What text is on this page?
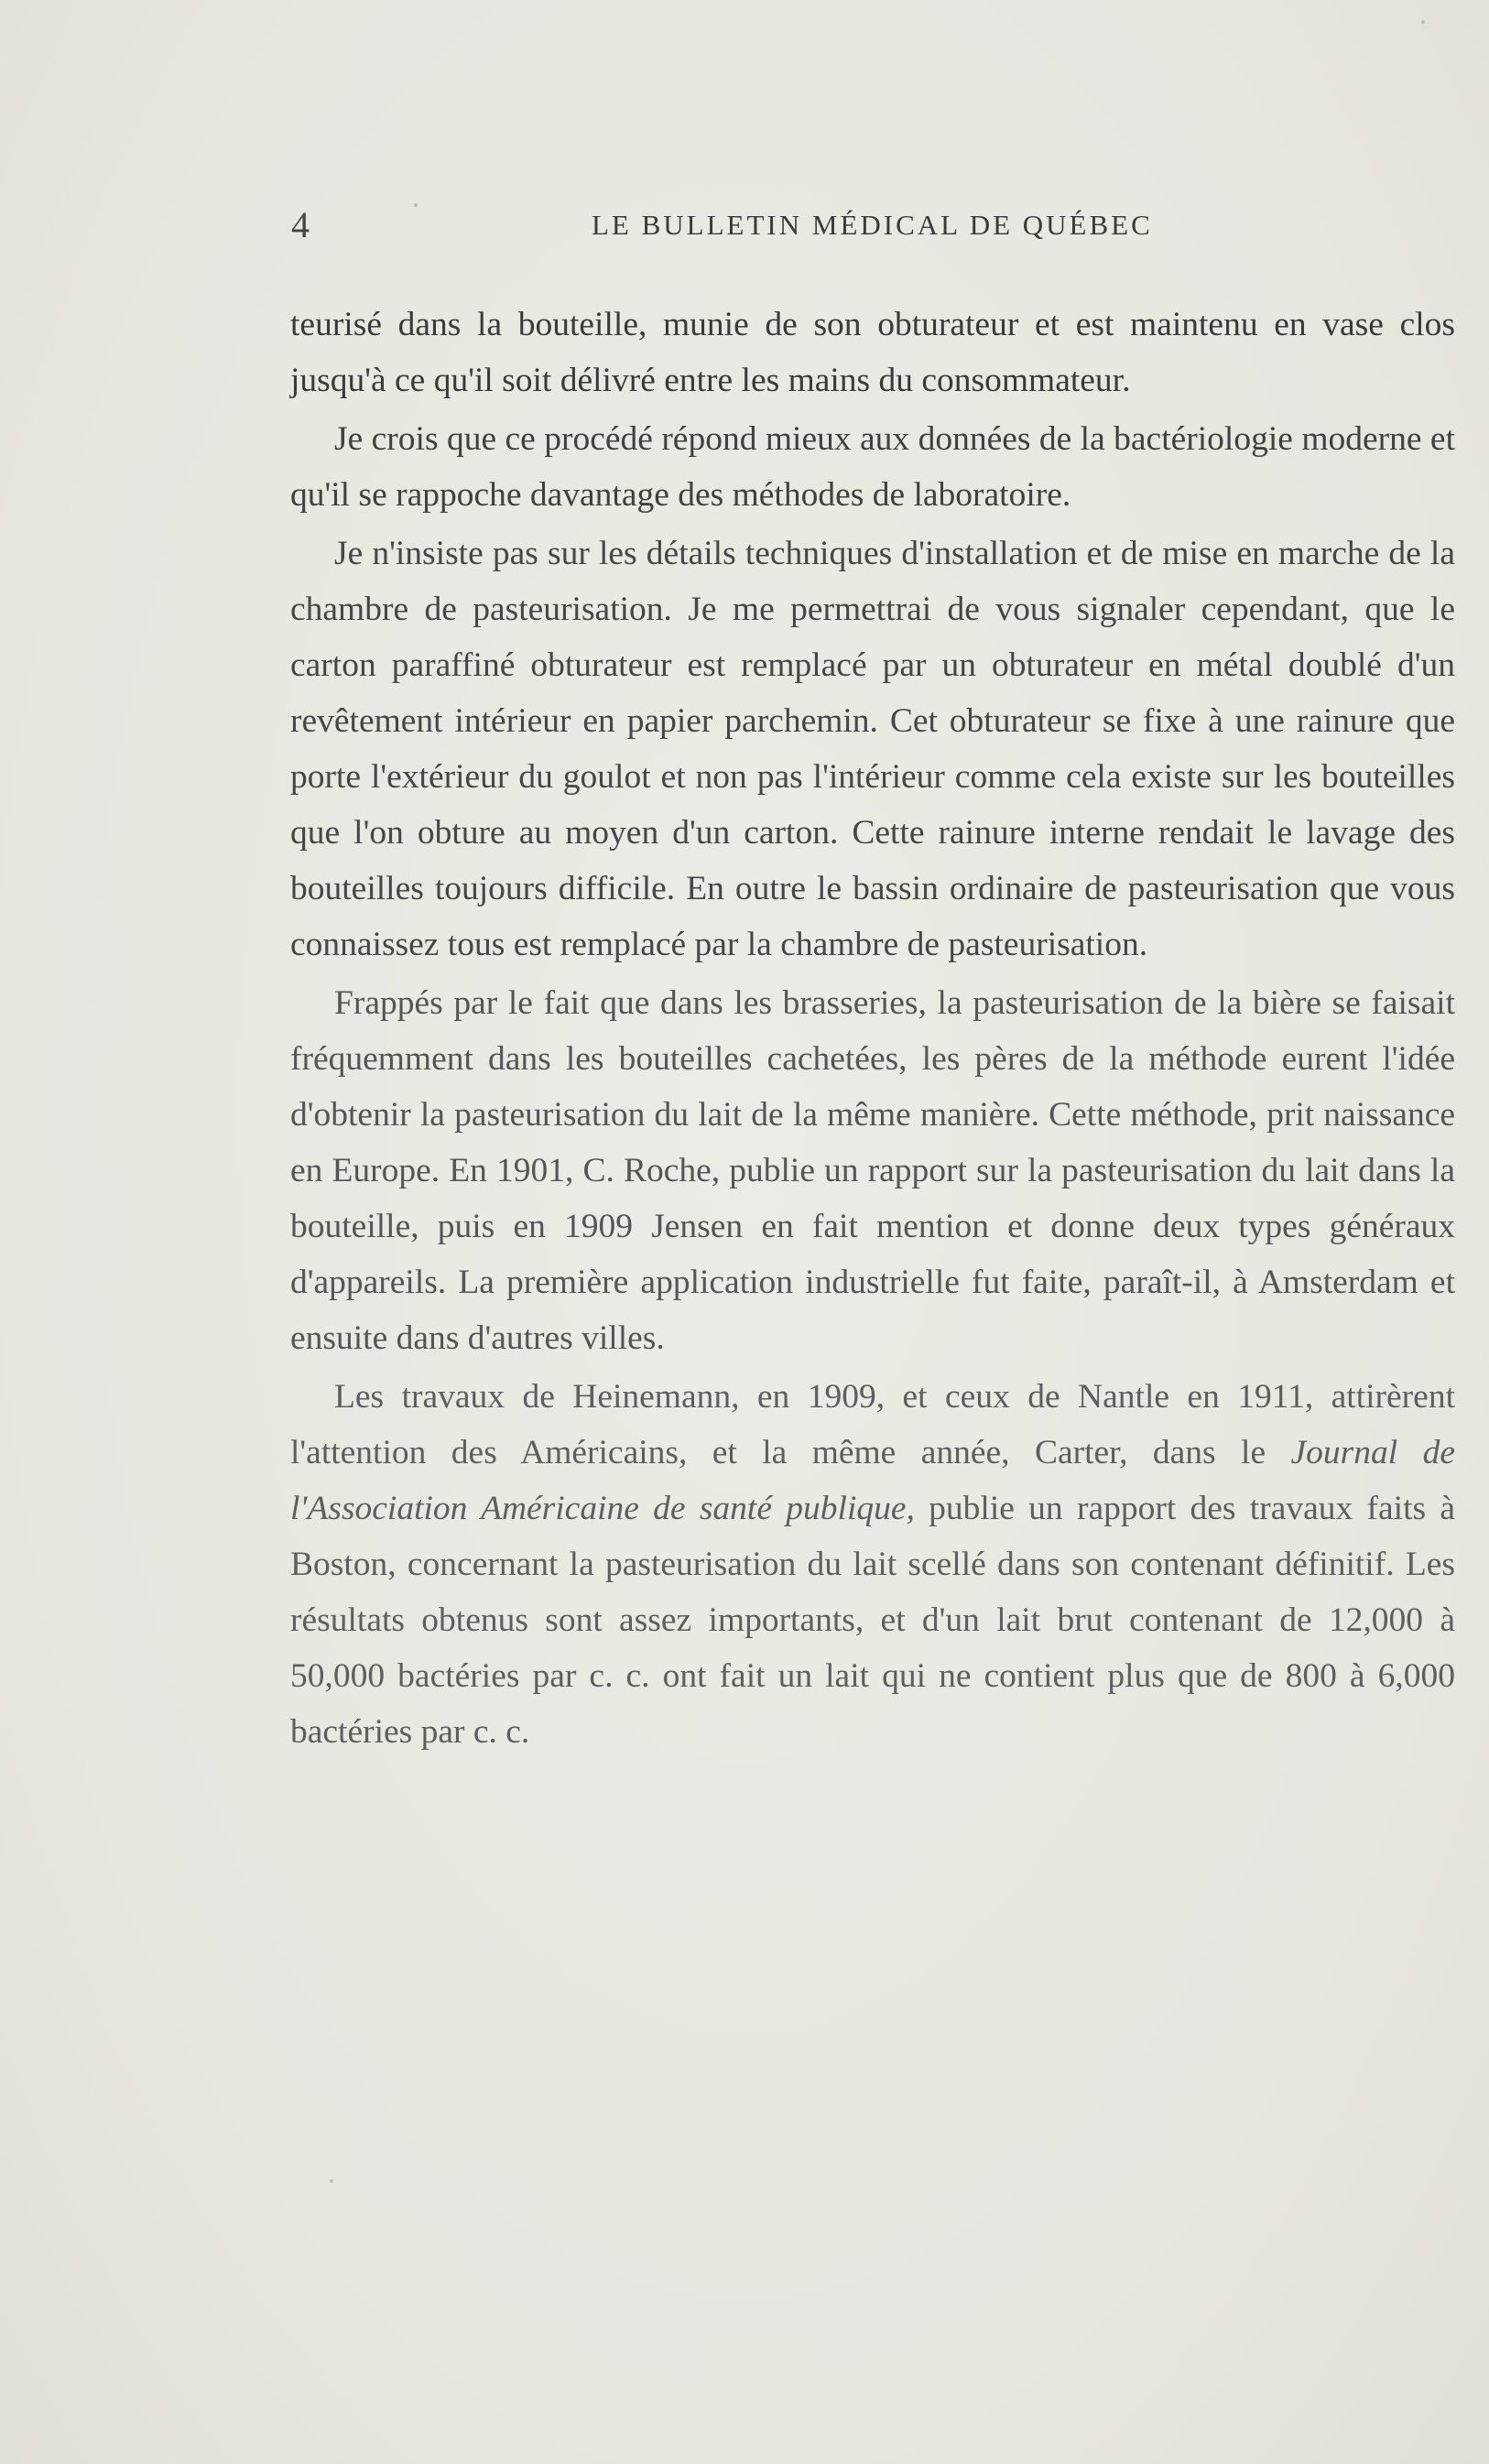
4	LE BULLETIN MÉDICAL DE QUÉBEC

teurisé dans la bouteille, munie de son obturateur et est maintenu en vase clos jusqu'à ce qu'il soit délivré entre les mains du consommateur.

Je crois que ce procédé répond mieux aux données de la bactériologie moderne et qu'il se rappoche davantage des méthodes de laboratoire.

Je n'insiste pas sur les détails techniques d'installation et de mise en marche de la chambre de pasteurisation. Je me permettrai de vous signaler cependant, que le carton paraffiné obturateur est remplacé par un obturateur en métal doublé d'un revêtement intérieur en papier parchemin. Cet obturateur se fixe à une rainure que porte l'extérieur du goulot et non pas l'intérieur comme cela existe sur les bouteilles que l'on obture au moyen d'un carton. Cette rainure interne rendait le lavage des bouteilles toujours difficile. En outre le bassin ordinaire de pasteurisation que vous connaissez tous est remplacé par la chambre de pasteurisation.

Frappés par le fait que dans les brasseries, la pasteurisation de la bière se faisait fréquemment dans les bouteilles cachetées, les pères de la méthode eurent l'idée d'obtenir la pasteurisation du lait de la même manière. Cette méthode, prit naissance en Europe. En 1901, C. Roche, publie un rapport sur la pasteurisation du lait dans la bouteille, puis en 1909 Jensen en fait mention et donne deux types généraux d'appareils. La première application industrielle fut faite, paraît-il, à Amsterdam et ensuite dans d'autres villes.

Les travaux de Heinemann, en 1909, et ceux de Nantle en 1911, attirèrent l'attention des Américains, et la même année, Carter, dans le Journal de l'Association Américaine de santé publique, publie un rapport des travaux faits à Boston, concernant la pasteurisation du lait scellé dans son contenant définitif. Les résultats obtenus sont assez importants, et d'un lait brut contenant de 12,000 à 50,000 bactéries par c. c. ont fait un lait qui ne contient plus que de 800 à 6,000 bactéries par c. c.
